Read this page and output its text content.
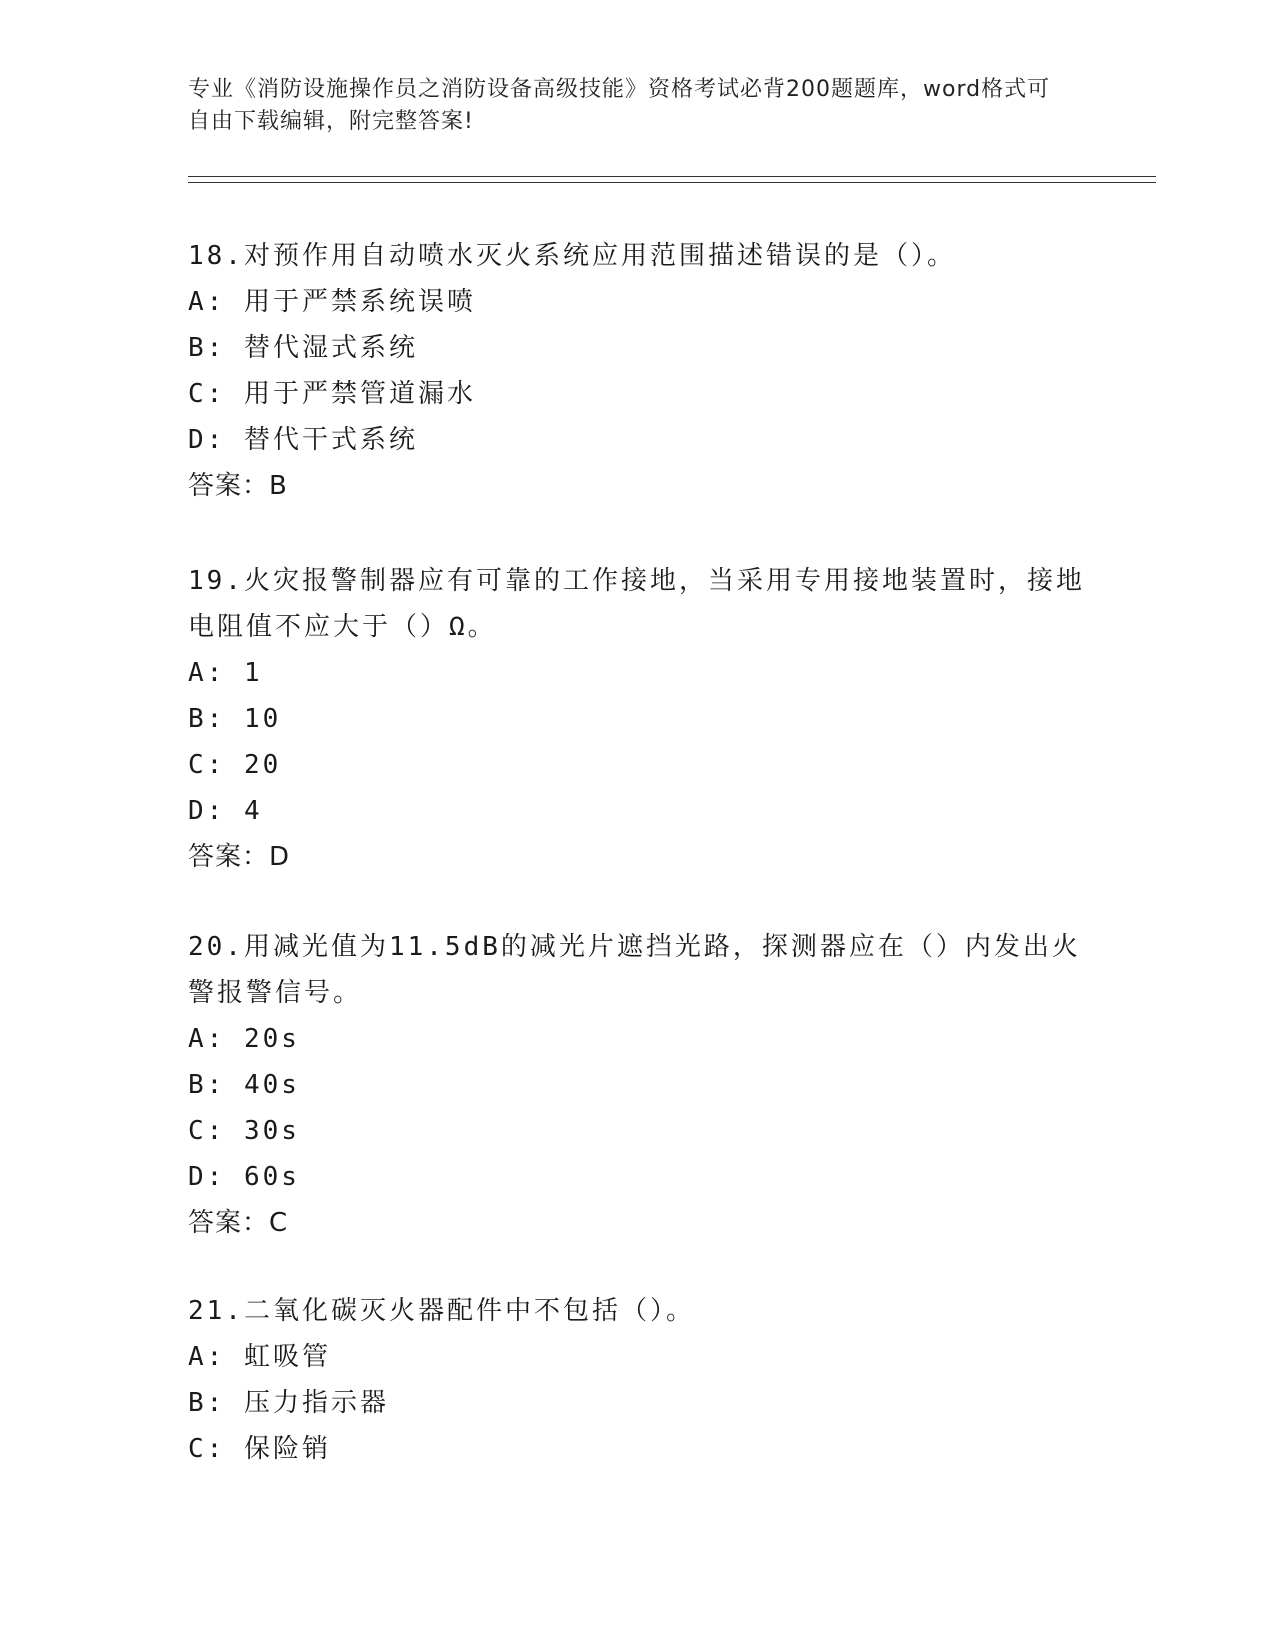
专业《消防设施操作员之消防设备高级技能》资格考试必背200题题库，word格式可自由下载编辑，附完整答案!

18.对预作用自动喷水灭火系统应用范围描述错误的是（）。

A: 用于严禁系统误喷

B: 替代湿式系统

C: 用于严禁管道漏水

D: 替代干式系统

答案：B

19.火灾报警制器应有可靠的工作接地，当采用专用接地装置时，接地电阻值不应大于（）Ω。

A: 1

B: 10

C: 20

D: 4

答案：D

20.用减光值为11.5dB的减光片遮挡光路，探测器应在（）内发出火警报警信号。

A: 20s

B: 40s

C: 30s

D: 60s

答案：C

21.二氧化碳灭火器配件中不包括（）。

A: 虹吸管

B: 压力指示器

C: 保险销
